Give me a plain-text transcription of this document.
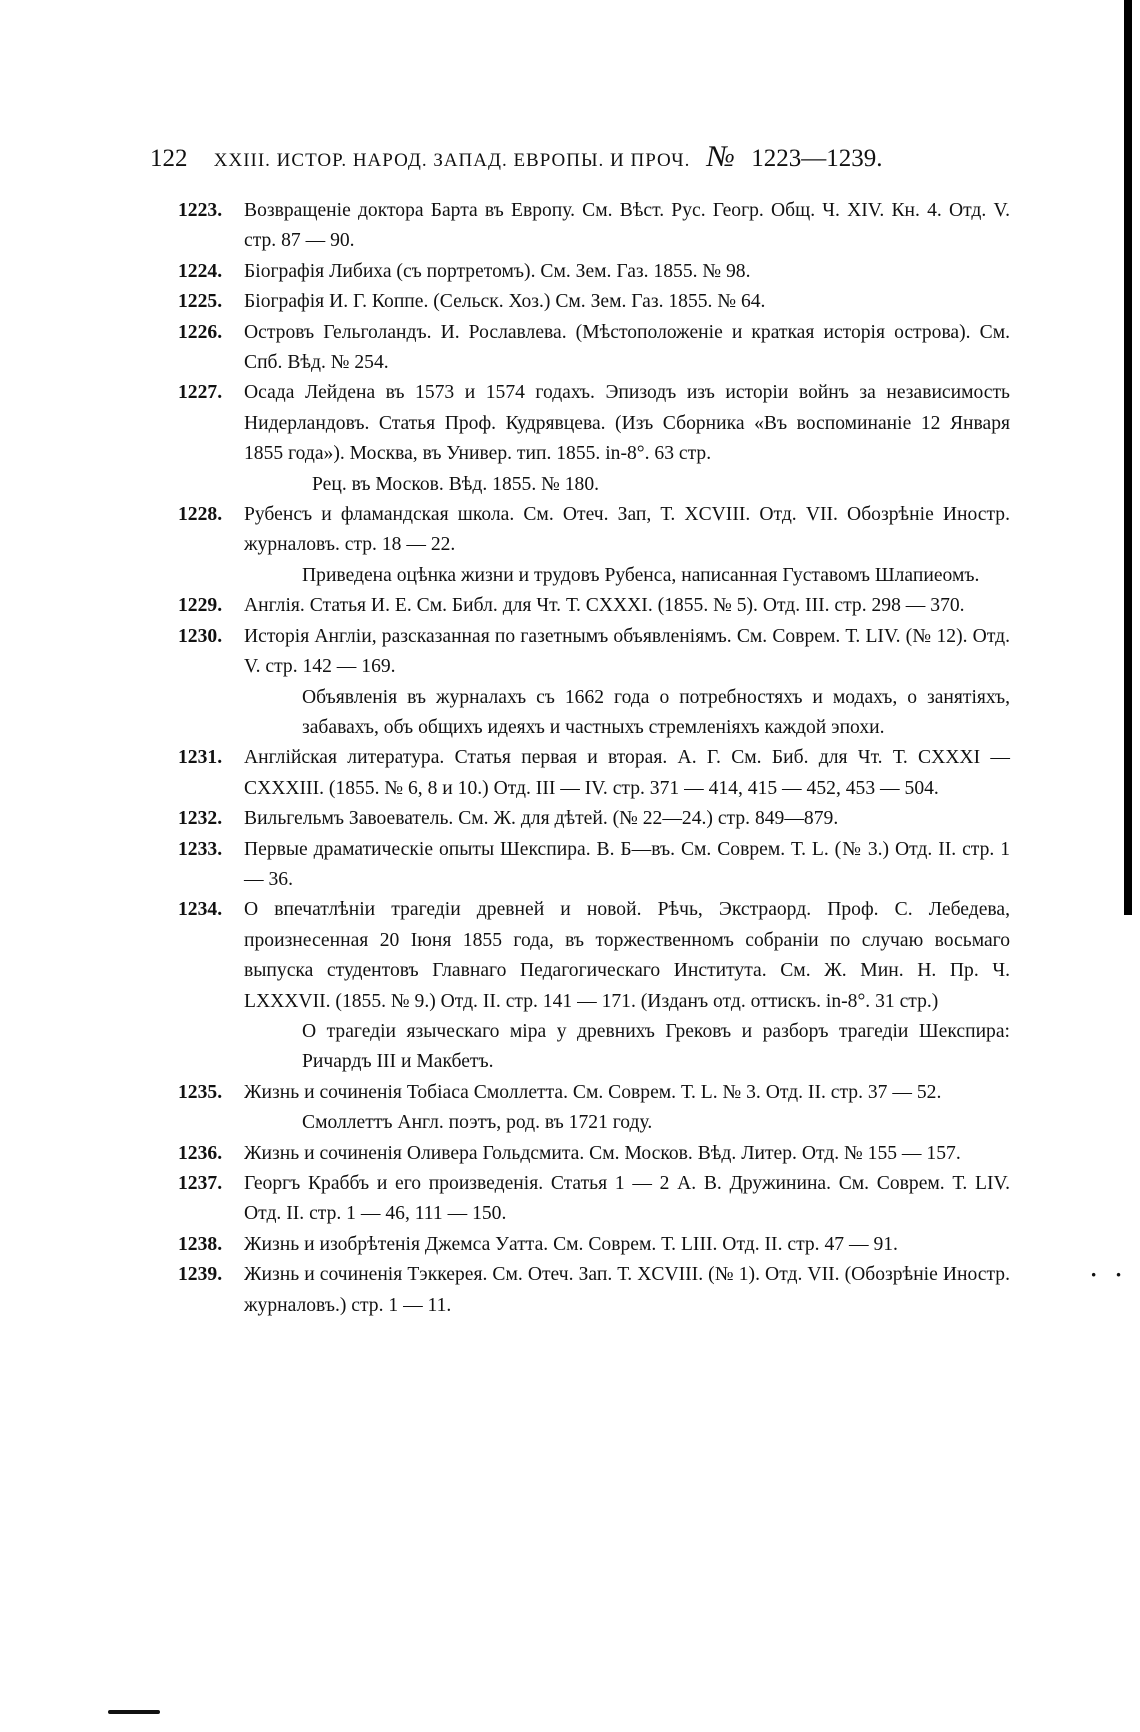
· ·
122 XXIII. ИСТОР. НАРОД. ЗАПАД. ЕВРОПЫ. И ПРОЧ. № 1223—1239.
1223.	Возвращеніе доктора Барта въ Европу. См. Вѣст. Рус. Геогр. Общ. Ч. XIV. Кн. 4. Отд. V. стр. 87 — 90.
1224.	Біографія Либиха (съ портретомъ). См. Зем. Газ. 1855. № 98.
1225.	Біографія И. Г. Коппе. (Сельск. Хоз.) См. Зем. Газ. 1855. № 64.
1226.	Островъ Гельголандъ. И. Рославлева. (Мѣстоположеніе и краткая исторія острова). См. Спб. Вѣд. № 254.
1227.	Осада Лейдена въ 1573 и 1574 годахъ. Эпизодъ изъ исторіи войнъ за независимость Нидерландовъ. Статья Проф. Кудрявцева. (Изъ Сборника «Въ воспоминаніе 12 Января 1855 года»). Москва, въ Универ. тип. 1855. in-8°. 63 стр.
Рец. въ Москов. Вѣд. 1855. № 180.
1228.	Рубенсъ и фламандская школа. См. Отеч. Зап, Т. XCVIII. Отд. VII. Обозрѣніе Иностр. журналовъ. стр. 18 — 22.
Приведена оцѣнка жизни и трудовъ Рубенса, написанная Густавомъ Шлапиеомъ.
1229.	Англія. Статья И. Е. См. Библ. для Чт. Т. CXXXI. (1855. № 5). Отд. III. стр. 298 — 370.
1230.	Исторія Англіи, разсказанная по газетнымъ объявленіямъ. См. Соврем. Т. LIV. (№ 12). Отд. V. стр. 142 — 169.
Объявленія въ журналахъ съ 1662 года о потребностяхъ и модахъ, о занятіяхъ, забавахъ, объ общихъ идеяхъ и частныхъ стремленіяхъ каждой эпохи.
1231.	Англійская литература. Статья первая и вторая. А. Г. См. Биб. для Чт. Т. CXXXI — CXXXIII. (1855. № 6, 8 и 10.) Отд. III — IV. стр. 371 — 414, 415 — 452, 453 — 504.
1232.	Вильгельмъ Завоеватель. См. Ж. для дѣтей. (№ 22—24.) стр. 849—879.
1233.	Первые драматическіе опыты Шекспира. В. Б—въ. См. Соврем. Т. L. (№ 3.) Отд. II. стр. 1 — 36.
1234.	О впечатлѣніи трагедіи древней и новой. Рѣчь, Экстраорд. Проф. С. Лебедева, произнесенная 20 Іюня 1855 года, въ торжественномъ собраніи по случаю восьмаго выпуска студентовъ Главнаго Педагогическаго Института. См. Ж. Мин. Н. Пр. Ч. LXXXVII. (1855. № 9.) Отд. II. стр. 141 — 171. (Изданъ отд. оттискъ. in-8°. 31 стр.)
О трагедіи языческаго міра у древнихъ Грековъ и разборъ трагедіи Шекспира: Ричардъ III и Макбетъ.
1235.	Жизнь и сочиненія Тобіаса Смоллетта. См. Соврем. Т. L. № 3. Отд. II. стр. 37 — 52.
Смоллеттъ Англ. поэтъ, род. въ 1721 году.
1236.	Жизнь и сочиненія Оливера Гольдсмита. См. Москов. Вѣд. Литер. Отд. № 155 — 157.
1237.	Георгъ Краббъ и его произведенія. Статья 1 — 2 А. В. Дружинина. См. Соврем. Т. LIV. Отд. II. стр. 1 — 46, 111 — 150.
1238.	Жизнь и изобрѣтенія Джемса Уатта. См. Соврем. Т. LIII. Отд. II. стр. 47 — 91.
1239.	Жизнь и сочиненія Тэккерея. См. Отеч. Зап. Т. XCVIII. (№ 1). Отд. VII. (Обозрѣніе Иностр. журналовъ.) стр. 1 — 11.
